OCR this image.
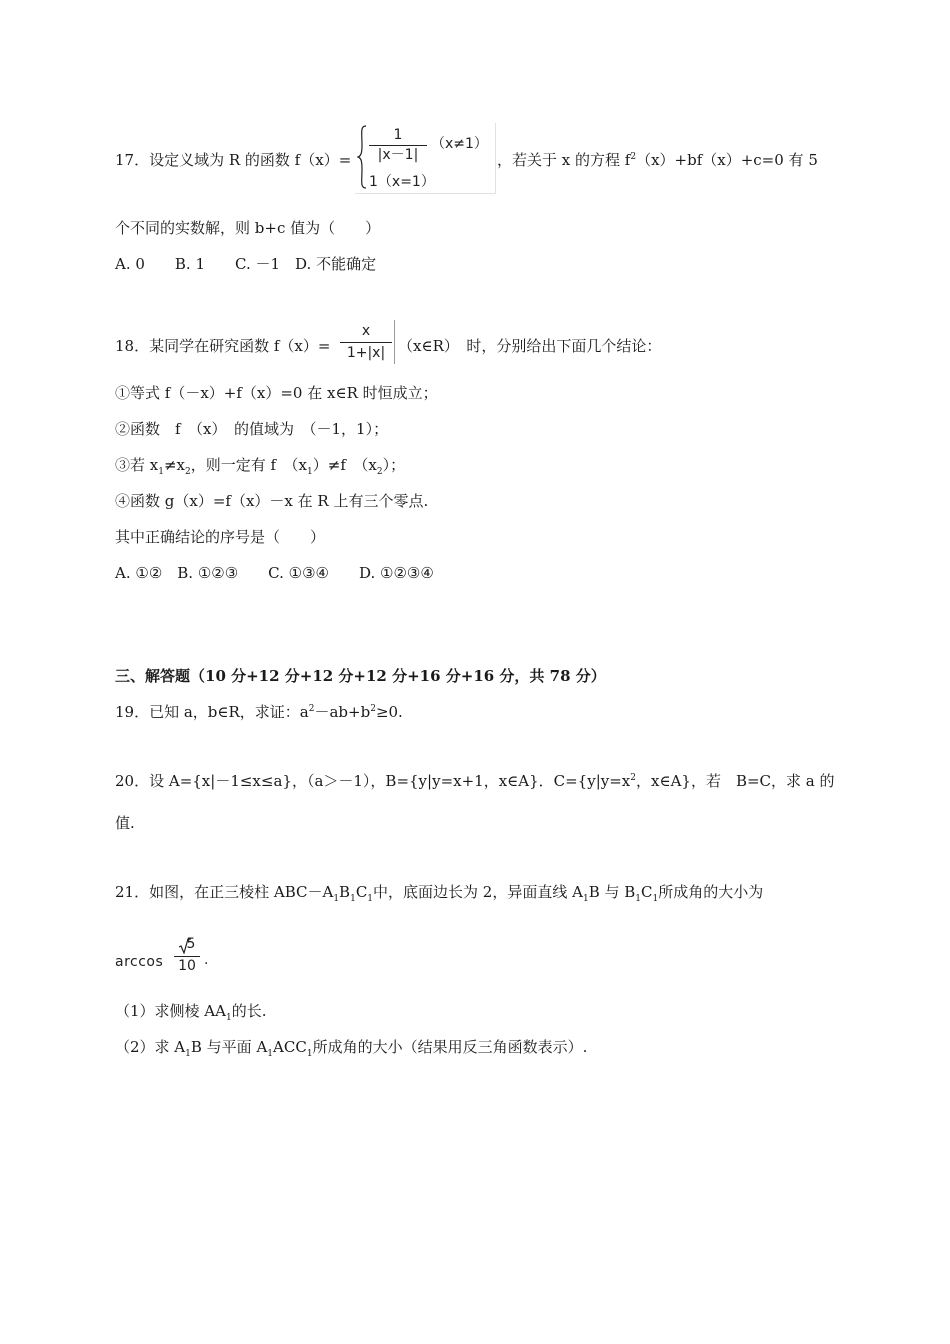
17．设定义域为 R 的函数 f（x）=
1
|x－1|
（x≠1）
1（x=1）
，若关于 x 的方程 $f^2(x)+bf(x)+c=0$ 有 5
个不同的实数解，则 b+c 值为（　　）
A. 0　　B. 1　　C. －1　D. 不能确定
18．某同学在研究函数 f（x）=
x
1+|x| （x∈R）　时，分别给出下面几个结论：
①等式 f（－x）+f（x）=0 在 x∈R 时恒成立；
②函数　f　（x）　的值域为　（－1，1）；
③若 $x_1\ne x_2$，则一定有 f　$(x_1)\ne f$　$(x_2)$；
④函数 g（x）=f（x）－x 在 R 上有三个零点.
其中正确结论的序号是（　　）
A. ①②　B. ①②③　　C. ①③④　　D. ①②③④
三、解答题（10 分+12 分+12 分+12 分+16 分+16 分，共 78 分）
19．已知 a，b∈R，求证：$a^2-ab+b^2\ge 0$.
20．设 A={x|－1≤x≤a}，（a＞－1），B={y|y=x+1，x∈A}．$C=\{y|y=x^2$，x∈A}，若　B=C，求 a 的
值.
21．如图，在正三棱柱 $ABC-A_1B_1C_1$中，底面边长为 2，异面直线 $A_1B$ 与 $B_1C_1$所成角的大小为
arccos
5
10 .
（1）求侧棱 $AA_1$的长.
（2）求 $A_1B$ 与平面 $A_1ACC_1$所成角的大小（结果用反三角函数表示）.
